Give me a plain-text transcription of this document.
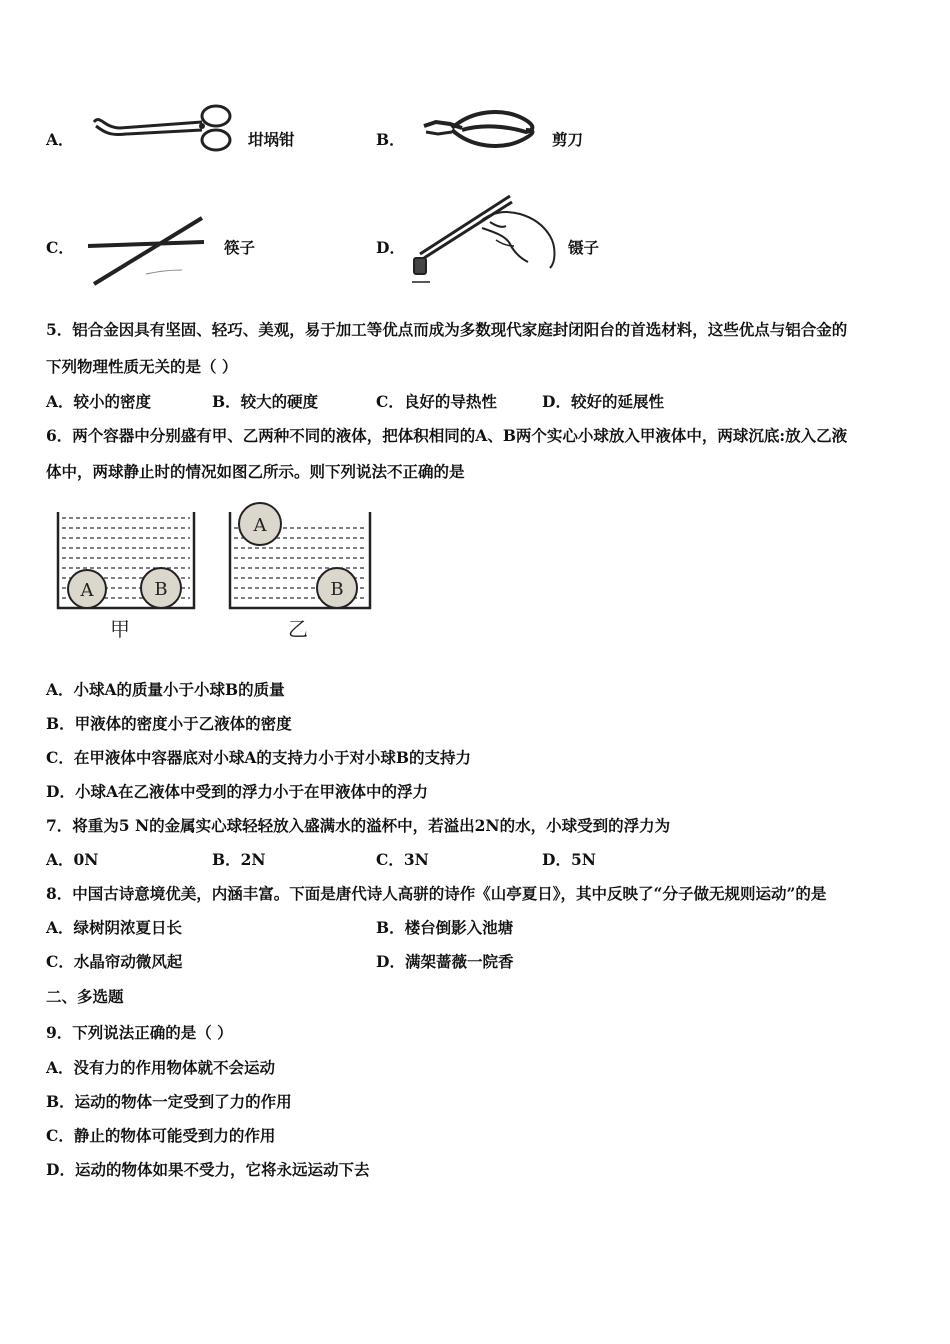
A．	坩埚钳	B．	剪刀
C．	筷子	D．	镊子
5．铝合金因具有坚固、轻巧、美观，易于加工等优点而成为多数现代家庭封闭阳台的首选材料，这些优点与铝合金的
下列物理性质无关的是（ ）
A．较小的密度	B．较大的硬度	C．良好的导热性	D．较好的延展性
6．两个容器中分别盛有甲、乙两种不同的液体，把体积相同的A、B两个实心小球放入甲液体中，两球沉底:放入乙液
体中，两球静止时的情况如图乙所示。则下列说法不正确的是
A	B
A
B
甲	乙
A．小球A的质量小于小球B的质量
B．甲液体的密度小于乙液体的密度
C．在甲液体中容器底对小球A的支持力小于对小球B的支持力
D．小球A在乙液体中受到的浮力小于在甲液体中的浮力
7．将重为5 N的金属实心球轻轻放入盛满水的溢杯中，若溢出2N的水，小球受到的浮力为
A．0N	B．2N	C．3N	D．5N
8．中国古诗意境优美，内涵丰富。下面是唐代诗人高骈的诗作《山亭夏日》，其中反映了“分子做无规则运动”的是
A．绿树阴浓夏日长	B．楼台倒影入池塘
C．水晶帘动微风起	D．满架蔷薇一院香
二、多选题
9．下列说法正确的是（ ）
A．没有力的作用物体就不会运动
B．运动的物体一定受到了力的作用
C．静止的物体可能受到力的作用
D．运动的物体如果不受力，它将永远运动下去
